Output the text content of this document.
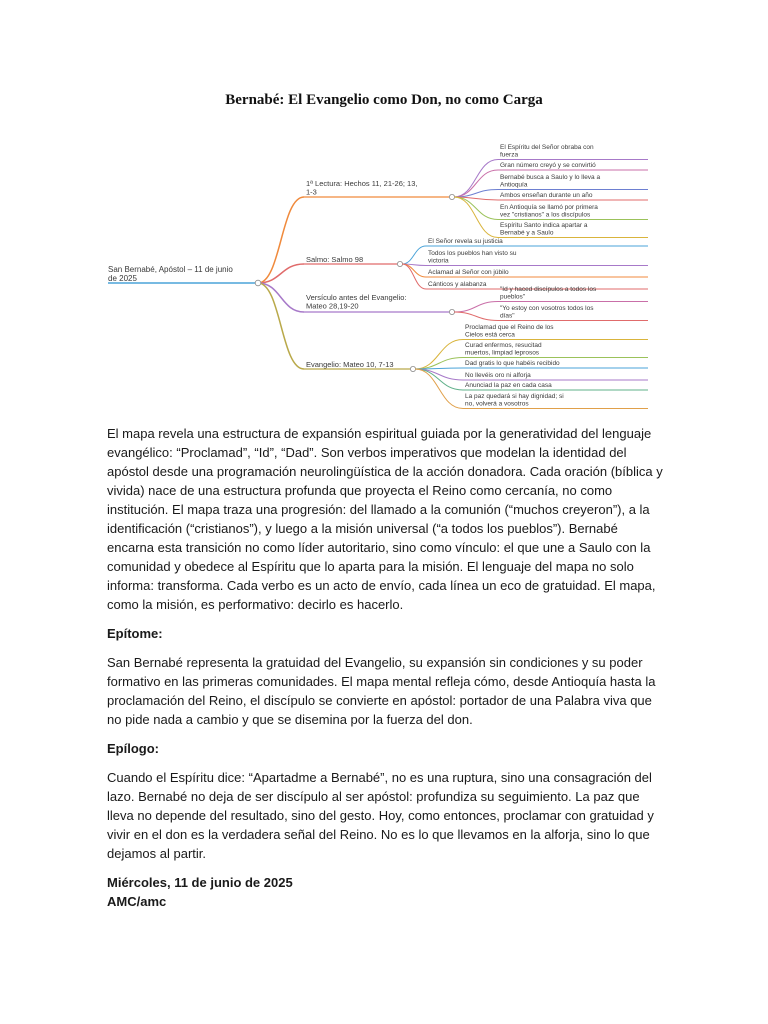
Bernabé: El Evangelio como Don, no como Carga
San Bernabé, Apóstol – 11 de junio de 2025
1ª Lectura: Hechos 11, 21-26; 13, 1-3
El Espíritu del Señor obraba con fuerza
Gran número creyó y se convirtió
Bernabé busca a Saulo y lo lleva a Antioquía
Ambos enseñan durante un año
En Antioquía se llamó por primera vez "cristianos" a los discípulos
Espíritu Santo indica apartar a Bernabé y a Saulo
Salmo: Salmo 98
El Señor revela su justicia
Todos los pueblos han visto su victoria
Aclamad al Señor con júbilo
Cánticos y alabanza
Versículo antes del Evangelio: Mateo 28,19-20
"Id y haced discípulos a todos los pueblos"
"Yo estoy con vosotros todos los días"
Evangelio: Mateo 10, 7-13
Proclamad que el Reino de los Cielos está cerca
Curad enfermos, resucitad muertos, limpiad leprosos
Dad gratis lo que habéis recibido
No llevéis oro ni alforja
Anunciad la paz en cada casa
La paz quedará si hay dignidad; si no, volverá a vosotros

El mapa revela una estructura de expansión espiritual guiada por la generatividad del lenguaje evangélico: “Proclamad”, “Id”, “Dad”. Son verbos imperativos que modelan la identidad del apóstol desde una programación neurolingüística de la acción donadora. Cada oración (bíblica y vivida) nace de una estructura profunda que proyecta el Reino como cercanía, no como institución. El mapa traza una progresión: del llamado a la comunión (“muchos creyeron”), a la identificación (“cristianos”), y luego a la misión universal (“a todos los pueblos”). Bernabé encarna esta transición no como líder autoritario, sino como vínculo: el que une a Saulo con la comunidad y obedece al Espíritu que lo aparta para la misión. El lenguaje del mapa no solo informa: transforma. Cada verbo es un acto de envío, cada línea un eco de gratuidad. El mapa, como la misión, es performativo: decirlo es hacerlo.

Epítome:

San Bernabé representa la gratuidad del Evangelio, su expansión sin condiciones y su poder formativo en las primeras comunidades. El mapa mental refleja cómo, desde Antioquía hasta la proclamación del Reino, el discípulo se convierte en apóstol: portador de una Palabra viva que no pide nada a cambio y que se disemina por la fuerza del don.

Epílogo:

Cuando el Espíritu dice: “Apartadme a Bernabé”, no es una ruptura, sino una consagración del lazo. Bernabé no deja de ser discípulo al ser apóstol: profundiza su seguimiento. La paz que lleva no depende del resultado, sino del gesto. Hoy, como entonces, proclamar con gratuidad y vivir en el don es la verdadera señal del Reino. No es lo que llevamos en la alforja, sino lo que dejamos al partir.

Miércoles, 11 de junio de 2025

AMC/amc
